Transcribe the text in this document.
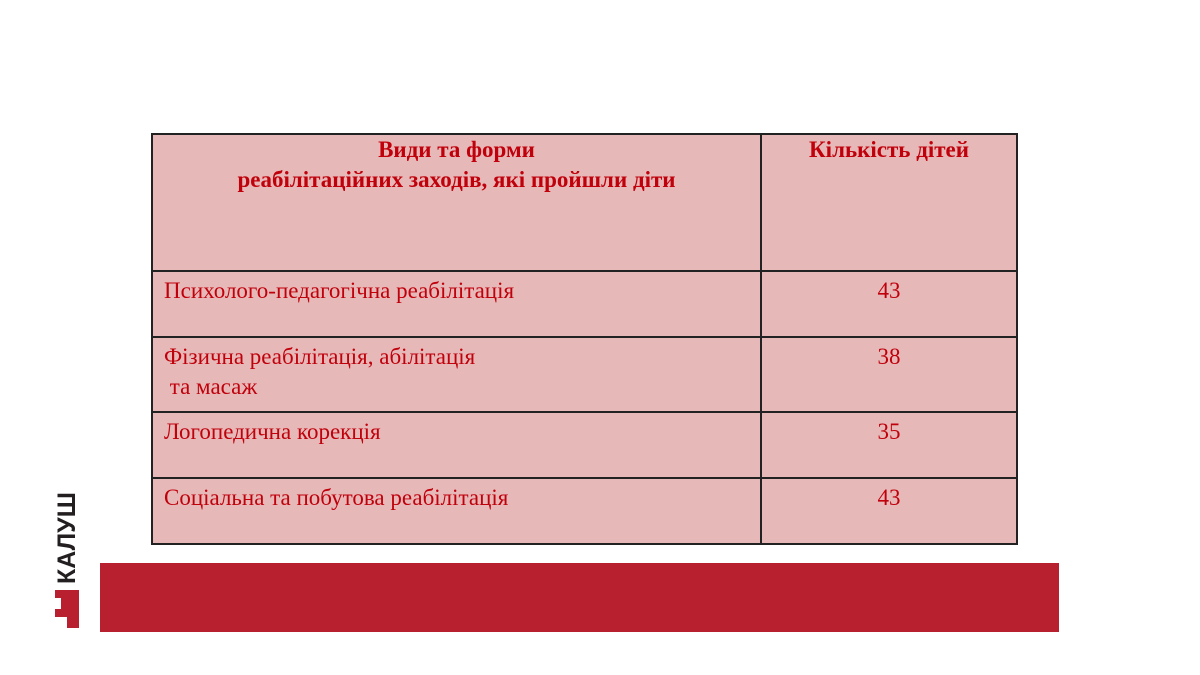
Види та форми
реабілітаційних заходів, які пройшли діти	Кількість дітей

Психолого-педагогічна реабілітація	43

Фізична реабілітація, абілітація
та масаж	38

Логопедична корекція	35

Соціальна та побутова реабілітація	43
КАЛУШ
